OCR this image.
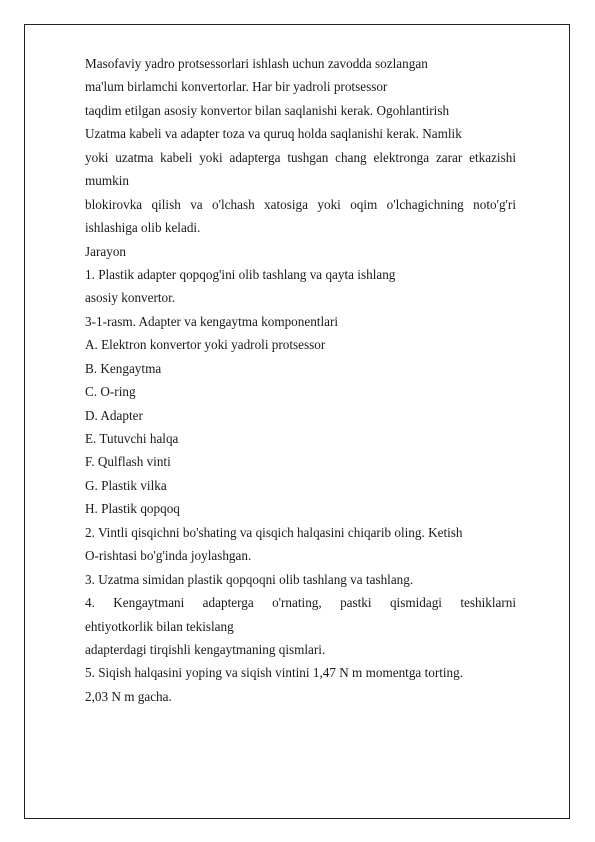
Masofaviy yadro protsessorlari ishlash uchun zavodda sozlangan
ma'lum birlamchi konvertorlar. Har bir yadroli protsessor
taqdim etilgan asosiy konvertor bilan saqlanishi kerak. Ogohlantirish
Uzatma kabeli va adapter toza va quruq holda saqlanishi kerak. Namlik
yoki uzatma kabeli yoki adapterga tushgan chang elektronga zarar etkazishi
mumkin
blokirovka qilish va o'lchash xatosiga yoki oqim o'lchagichning noto'g'ri
ishlashiga olib keladi.
Jarayon
1. Plastik adapter qopqog'ini olib tashlang va qayta ishlang
asosiy konvertor.
3-1-rasm. Adapter va kengaytma komponentlari
A. Elektron konvertor yoki yadroli protsessor
B. Kengaytma
C. O-ring
D. Adapter
E. Tutuvchi halqa
F. Qulflash vinti
G. Plastik vilka
H. Plastik qopqoq
2. Vintli qisqichni bo'shating va qisqich halqasini chiqarib oling. Ketish
O-rishtasi bo'g'inda joylashgan.
3. Uzatma simidan plastik qopqoqni olib tashlang va tashlang.
4. Kengaytmani adapterga o'rnating, pastki qismidagi teshiklarni
ehtiyotkorlik bilan tekislang
adapterdagi tirqishli kengaytmaning qismlari.
5. Siqish halqasini yoping va siqish vintini 1,47 N m momentga torting.
2,03 N m gacha.
